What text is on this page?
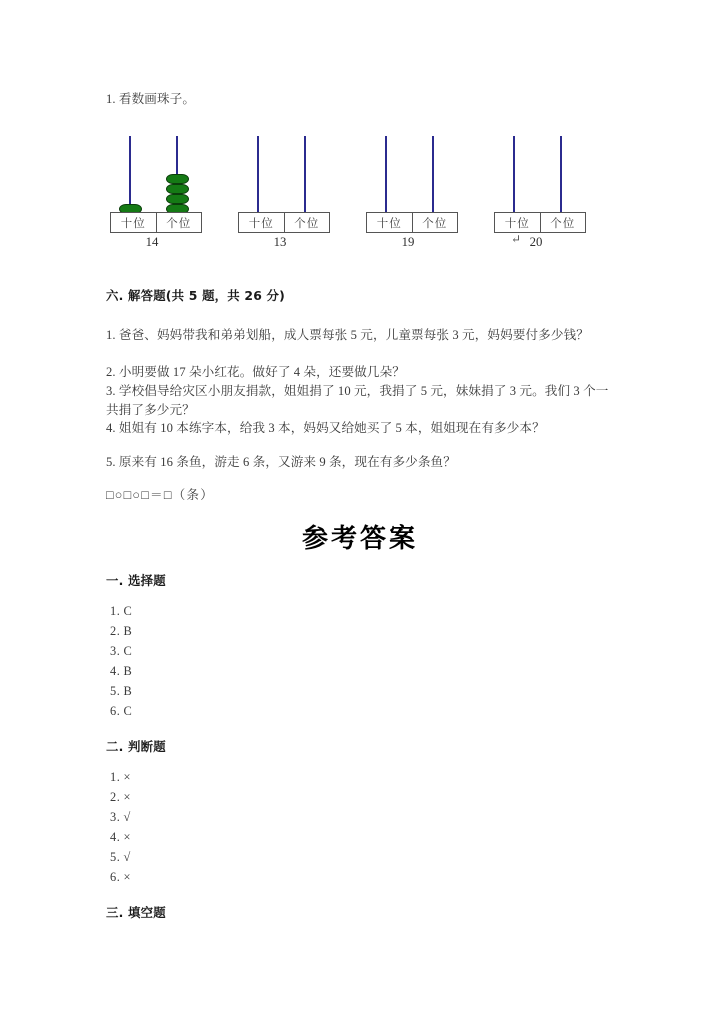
1. 看数画珠子。
十位	个位
14
十位	个位
13
十位	个位
19
十位	个位
20
↵
六. 解答题(共 5 题，共 26 分)
1. 爸爸、妈妈带我和弟弟划船，成人票每张 5 元，儿童票每张 3 元，妈妈要付多少钱？
2. 小明要做 17 朵小红花。做好了 4 朵，还要做几朵？
3. 学校倡导给灾区小朋友捐款，姐姐捐了 10 元，我捐了 5 元，妹妹捐了 3 元。我们 3 个一共捐了多少元？
4. 姐姐有 10 本练字本，给我 3 本，妈妈又给她买了 5 本，姐姐现在有多少本？
5. 原来有 16 条鱼，游走 6 条，又游来 9 条，现在有多少条鱼？
□○□○□＝□（条）
参考答案
一. 选择题
1. C
2. B
3. C
4. B
5. B
6. C
二. 判断题
1. ×
2. ×
3. √
4. ×
5. √
6. ×
三. 填空题
